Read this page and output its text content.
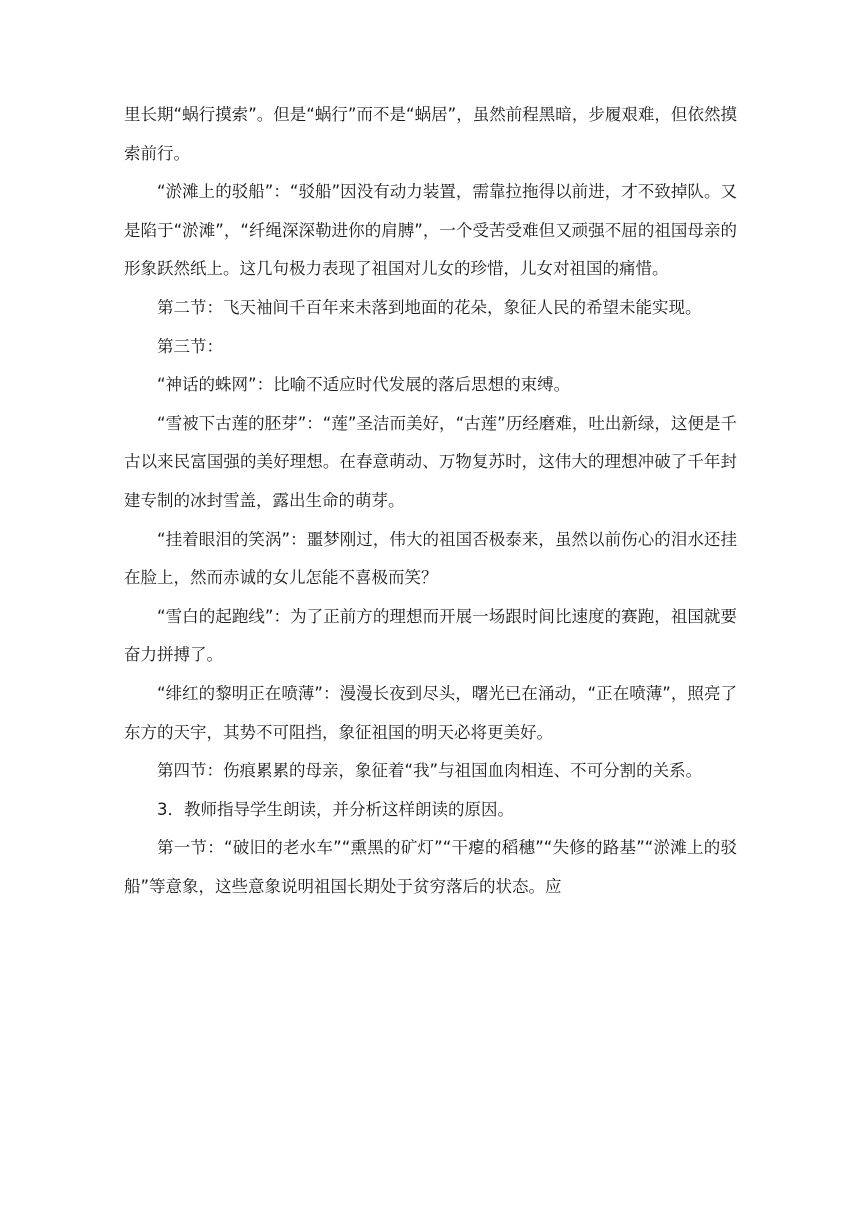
里长期“蜗行摸索”。但是“蜗行”而不是“蜗居”，虽然前程黑暗，步履艰难，但依然摸索前行。

“淤滩上的驳船”：“驳船”因没有动力装置，需靠拉拖得以前进，才不致掉队。又是陷于“淤滩”，“纤绳深深勒进你的肩膊”，一个受苦受难但又顽强不屈的祖国母亲的形象跃然纸上。这几句极力表现了祖国对儿女的珍惜，儿女对祖国的痛惜。

第二节：飞天袖间千百年来未落到地面的花朵，象征人民的希望未能实现。

第三节：

“神话的蛛网”：比喻不适应时代发展的落后思想的束缚。

“雪被下古莲的胚芽”：“莲”圣洁而美好，“古莲”历经磨难，吐出新绿，这便是千古以来民富国强的美好理想。在春意萌动、万物复苏时，这伟大的理想冲破了千年封建专制的冰封雪盖，露出生命的萌芽。

“挂着眼泪的笑涡”：噩梦刚过，伟大的祖国否极泰来，虽然以前伤心的泪水还挂在脸上，然而赤诚的女儿怎能不喜极而笑？

“雪白的起跑线”：为了正前方的理想而开展一场跟时间比速度的赛跑，祖国就要奋力拼搏了。

“绯红的黎明正在喷薄”：漫漫长夜到尽头，曙光已在涌动，“正在喷薄”，照亮了东方的天宇，其势不可阻挡，象征祖国的明天必将更美好。

第四节：伤痕累累的母亲，象征着“我”与祖国血肉相连、不可分割的关系。

3．教师指导学生朗读，并分析这样朗读的原因。

第一节：“破旧的老水车”“熏黑的矿灯”“干瘪的稻穗”“失修的路基”“淤滩上的驳船”等意象，这些意象说明祖国长期处于贫穷落后的状态。应
